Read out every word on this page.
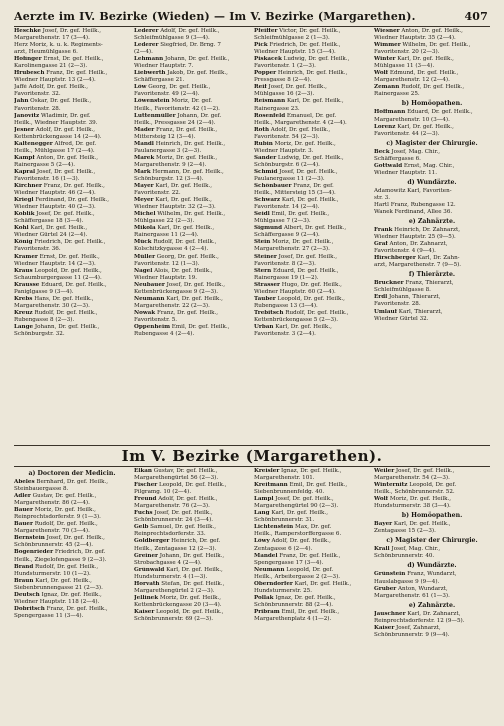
Aerzte im IV. Bezirke (Wieden) — Im V. Bezirke (Margarethen).	407
Heschke Josef, Dr. gef. Heilk.,
Margarethenstr. 17 (3—4).
Herz Moriz, k. u. k. Regiments-
arzt, Heumühlgasse 6.
Hofinger Ernst, Dr. gef. Heilk.,
Karolinengasse 21 (2—3).
Hrubesch Franz, Dr. gef. Heilk.,
Wiedner Hauptstr. 13 (2—4).
Jaffé Adolf, Dr. gef. Heilk.,
Favoritenstr. 32.
Jahn Oskar, Dr. gef. Heilk.,
Favoritenstr. 28.
Janovitz Wladimir, Dr. gef.
Heilk., Wiedner Hauptstr. 39.
Jesner Adolf, Dr. gef. Heilk.,
Kettenbrückengasse 14 (2—4).
Kaltenegger Alfred, Dr. gef.
Heilk., Mühlgasse 17 (2—4).
Kampf Anton, Dr. gef. Heilk.,
Rainergasse 5 (2—4).
Kapral Josef, Dr. gef. Heilk.,
Favoritenstr. 16 (1—3).
Kirchner Franz, Dr. gef. Heilk.,
Wiedner Hauptstr. 46 (2—4).
Kriegl Ferdinand, Dr. gef. Heilk.,
Wiedner Hauptstr. 40 (2—3).
Koblik Josef, Dr. gef. Heilk.,
Schäffergasse 18 (3—4).
Kohl Karl, Dr. gef. Heilk.,
Wiedner Gürtel 24 (2—4).
König Friedrich, Dr. gef. Heilk.,
Favoritenstr. 36.
Kramer Ernst, Dr. gef. Heilk.,
Wiedner Hauptstr. 14 (2—3).
Kraus Leopold, Dr. gef. Heilk.,
Schaumburgergasse 11 (2—4).
Krausse Eduard, Dr. gef. Heilk.,
Paniglgasse 9 (3—4).
Krebs Hans, Dr. gef. Heilk.,
Margarethenstr. 30 (2—3).
Kreuz Rudolf, Dr. gef. Heilk.,
Rubengasse 8 (2—3).
Lange Johann, Dr. gef. Heilk.,
Schönburgstr. 32.
Lederer Adolf, Dr. gef. Heilk.,
Schleifmühlgasse 9 (3—4).
Lederer Siegfried, Dr. Brng. 7
(2—4).
Lehmann Johann, Dr. gef. Heilk.,
Wiedner Hauptstr. 7.
Liebwerth Jakob, Dr. gef. Heilk.,
Schäffergasse 21.
Löw Georg, Dr. gef. Heilk.,
Favoritenstr. 49 (2—4).
Löwenstein Moriz, Dr. gef.
Heilk., Favoritenstr. 42 (1—2).
Luttenmüller Johann, Dr. gef.
Heilk., Pressgasse 24 (2—4).
Mader Franz, Dr. gef. Heilk.,
Mittersteig 12 (3—4).
Mandl Heinrich, Dr. gef. Heilk.,
Paulanergasse 3 (2—3).
Marek Moriz, Dr. gef. Heilk.,
Margarethenstr. 9 (2—4).
Mark Hermann, Dr. gef. Heilk.,
Schönburgstr. 12 (3—4).
Mayer Karl, Dr. gef. Heilk.,
Favoritenstr. 22.
Meyer Karl, Dr. gef. Heilk.,
Wiedner Hauptstr. 32 (2—3).
Michel Wilhelm, Dr. gef. Heilk.,
Mühlgasse 22 (2—3).
Mikola Karl, Dr. gef. Heilk.,
Rainergasse 11 (2—4).
Mück Rudolf, Dr. gef. Heilk.,
Kolschitzkygasse 4 (2—4).
Müller Georg, Dr. gef. Heilk.,
Favoritenstr. 12 (1—3).
Nagel Alois, Dr. gef. Heilk.,
Wiedner Hauptstr. 19.
Neubauer Josef, Dr. gef. Heilk.,
Kettenbrückengasse 9 (2—3).
Neumann Karl, Dr. gef. Heilk.,
Margarethenstr. 22 (2—3).
Nowak Franz, Dr. gef. Heilk.,
Favoritenstr. 5.
Oppenheim Emil, Dr. gef. Heilk.,
Rubengasse 4 (2—4).
Pfeiffer Victor, Dr. gef. Heilk.,
Schleifmühlgasse 2 (1—3).
Pick Friedrich, Dr. gef. Heilk.,
Wiedner Hauptstr. 15 (3—4).
Piskacek Ludwig, Dr. gef. Heilk.,
Favoritenstr. 1 (2—3).
Popper Heinrich, Dr. gef. Heilk.,
Pressgasse 8 (2—4).
Reif Josef, Dr. gef. Heilk.,
Mühlgasse 16 (2—3).
Reismann Karl, Dr. gef. Heilk.,
Rainergasse 23.
Rosenfeld Emanuel, Dr. gef.
Heilk., Margarethenstr. 4 (2—4).
Roth Adolf, Dr. gef. Heilk.,
Favoritenstr. 54 (2—3).
Rubin Moriz, Dr. gef. Heilk.,
Wiedner Hauptstr. 3.
Sander Ludwig, Dr. gef. Heilk.,
Schönburgstr. 6 (2—4).
Schmid Josef, Dr. gef. Heilk.,
Paulanergasse 11 (2—3).
Schönbauer Franz, Dr. gef.
Heilk., Mittersteig 15 (3—4).
Schwarz Karl, Dr. gef. Heilk.,
Favoritenstr. 14 (2—4).
Seidl Emil, Dr. gef. Heilk.,
Mühlgasse 7 (2—3).
Sigmund Albert, Dr. gef. Heilk.,
Schäffergasse 9 (2—4).
Stein Moriz, Dr. gef. Heilk.,
Margarethenstr. 27 (2—3).
Steiner Josef, Dr. gef. Heilk.,
Favoritenstr. 8 (2—3).
Stern Eduard, Dr. gef. Heilk.,
Rainergasse 19 (1—2).
Strasser Hugo, Dr. gef. Heilk.,
Wiedner Hauptstr. 60 (2—4).
Tauber Leopold, Dr. gef. Heilk.,
Rubengasse 13 (3—4).
Trebitsch Rudolf, Dr. gef. Heilk.,
Kettenbrückengasse 5 (2—3).
Urban Karl, Dr. gef. Heilk.,
Favoritenstr. 3 (2—4).
Wiesner Anton, Dr. gef. Heilk.,
Wiedner Hauptstr. 35 (2—4).
Wimmer Wilhelm, Dr. gef. Heilk.,
Favoritenstr. 20 (2—3).
Winter Karl, Dr. gef. Heilk.,
Mühlgasse 11 (3—4).
Wolf Edmund, Dr. gef. Heilk.,
Margarethenstr. 12 (2—4).
Zemann Rudolf, Dr. gef. Heilk.,
Rainergasse 25.
b) Homöopathen.
Hoffmann Eduard, Dr. gef. Heilk.,
Margarethenstr. 10 (3—4).
Lorenz Karl, Dr. gef. Heilk.,
Favoritenstr. 44 (2—3).
c) Magister der Chirurgie.
Beck Josef, Mag. Chir.,
Schäffergasse 6.
Gottwald Ernst, Mag. Chir.,
Wiedner Hauptstr. 11.
d) Wundärzte.
Adamowitz Karl, Favoriten-
str. 3.
Hartl Franz, Rubengasse 12.
Wanek Ferdinand, Allee 36.
e) Zahnärzte.
Frank Heinrich, Dr. Zahnarzt,
Wiedner Hauptstr. 25 (9—5).
Graf Anton, Dr. Zahnarzt,
Favoritenstr. 4 (9—4).
Hirschberger Karl, Dr. Zahn-
arzt, Margarethenstr. 7 (9—5).
f) Thierärzte.
Bruckner Franz, Thierarzt,
Schleifmühlgasse 8.
Erdl Johann, Thierarzt,
Favoritenstr. 28.
Umlauf Karl, Thierarzt,
Wiedner Gürtel 32.
Im V. Bezirke (Margarethen).
a) Doctoren der Medicin.
Abeles Bernhard, Dr. gef. Heilk.,
Steinbauergasse 8.
Adler Gustav, Dr. gef. Heilk.,
Margarethenstr. 86 (2—4).
Bauer Moriz, Dr. gef. Heilk.,
Reinprechtsdorferstr. 9 (1—3).
Bauer Rudolf, Dr. gef. Heilk.,
Margarethenstr. 70 (3—4).
Bernstein Josef, Dr. gef. Heilk.,
Schönbrunnerstr. 45 (2—4).
Bogenrieder Friedrich, Dr. gef.
Heilk., Ziegelofengasse 9 (2—3).
Brand Rudolf, Dr. gef. Heilk.,
Hundsturmerstr. 10 (1—2).
Braun Karl, Dr. gef. Heilk.,
Siebenbrunnengasse 21 (2—3).
Deutsch Ignaz, Dr. gef. Heilk.,
Wiedner Hauptstr. 118 (2—4).
Dobritsch Franz, Dr. gef. Heilk.,
Spengergasse 11 (3—4).
Elkan Gustav, Dr. gef. Heilk.,
Margarethengürtel 56 (2—3).
Fischer Leopold, Dr. gef. Heilk.,
Pilgramg. 10 (2—4).
Freund Adolf, Dr. gef. Heilk.,
Margarethenstr. 76 (2—3).
Fuchs Josef, Dr. gef. Heilk.,
Schönbrunnerstr. 24 (3—4).
Gelb Samuel, Dr. gef. Heilk.,
Reinprechtsdorferstr. 33.
Goldberger Heinrich, Dr. gef.
Heilk., Zentagasse 12 (2—3).
Greiner Johann, Dr. gef. Heilk.,
Strobachgasse 4 (2—4).
Grünwald Karl, Dr. gef. Heilk.,
Hundsturmerstr. 4 (1—3).
Horvath Stefan, Dr. gef. Heilk.,
Margarethengürtel 2 (2—3).
Jellinek Moriz, Dr. gef. Heilk.,
Kettenbrückengasse 20 (3—4).
Kaiser Leopold, Dr. gef. Heilk.,
Schönbrunnerstr. 69 (2—3).
Kreisler Ignaz, Dr. gef. Heilk.,
Margarethenstr. 101.
Kreitmann Emil, Dr. gef. Heilk.,
Siebenbrunnenfeldg. 40.
Lampl Josef, Dr. gef. Heilk.,
Margarethengürtel 90 (2—3).
Lang Karl, Dr. gef. Heilk.,
Schönbrunnerstr. 31.
Lichtenstein Max, Dr. gef.
Heilk., Ramperstorffergasse 6.
Löwy Adolf, Dr. gef. Heilk.,
Zentagasse 6 (2—4).
Mandel Franz, Dr. gef. Heilk.,
Spengergasse 17 (3—4).
Neumann Leopold, Dr. gef.
Heilk., Arbeitergasse 2 (2—3).
Oberndorfer Karl, Dr. gef. Heilk.,
Hundsturmerstr. 25.
Pollak Ignaz, Dr. gef. Heilk.,
Schönbrunnerstr. 88 (2—4).
Pribram Emil, Dr. gef. Heilk.,
Margarethenplatz 4 (1—2).
Weiler Josef, Dr. gef. Heilk.,
Margarethenstr. 54 (2—3).
Winternitz Leopold, Dr. gef.
Heilk., Schönbrunnerstr. 52.
Wolf Moriz, Dr. gef. Heilk.,
Hundsturmerstr. 38 (3—4).
b) Homöopathen.
Bayer Karl, Dr. gef. Heilk.,
Zentagasse 15 (2—3).
c) Magister der Chirurgie.
Krall Josef, Mag. Chir.,
Schönbrunnerstr. 40.
d) Wundärzte.
Grünstein Franz, Wundarzt,
Hauslabgasse 9 (9—4).
Gruber Anton, Wundarzt,
Margarethenstr. 61 (1—3).
e) Zahnärzte.
Jauschner Karl, Dr. Zahnarzt,
Reinprechtsdorferstr. 12 (9—5).
Kaiser Josef, Zahnarzt,
Schönbrunnerstr. 9 (9—4).
